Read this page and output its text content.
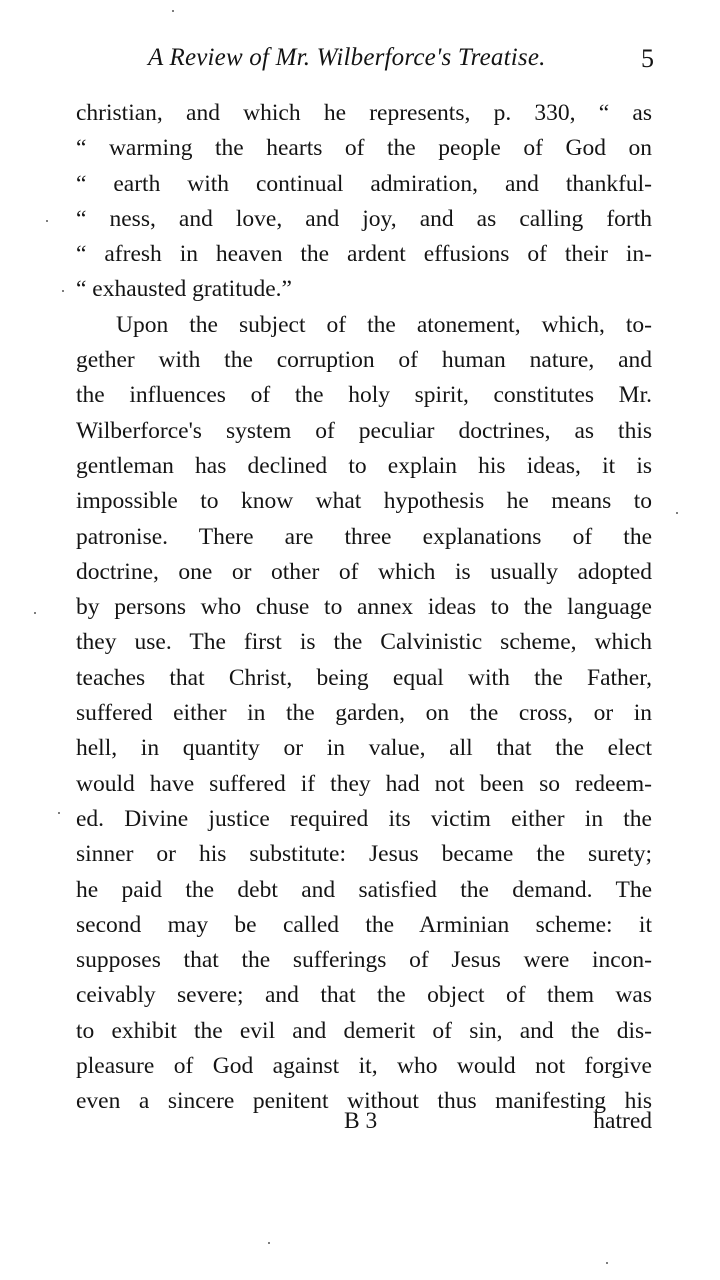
A Review of Mr. Wilberforce's Treatise.	5
christian, and which he represents, p. 330, “ as
“ warming the hearts of the people of God on
“ earth with continual admiration, and thankful-
“ ness, and love, and joy, and as calling forth
“ afresh in heaven the ardent effusions of their in-
“ exhausted gratitude.”
Upon the subject of the atonement, which, to-
gether with the corruption of human nature, and
the influences of the holy spirit, constitutes Mr.
Wilberforce's system of peculiar doctrines, as this
gentleman has declined to explain his ideas, it is
impossible to know what hypothesis he means to
patronise. There are three explanations of the
doctrine, one or other of which is usually adopted
by persons who chuse to annex ideas to the language
they use. The first is the Calvinistic scheme, which
teaches that Christ, being equal with the Father,
suffered either in the garden, on the cross, or in
hell, in quantity or in value, all that the elect
would have suffered if they had not been so redeem-
ed. Divine justice required its victim either in the
sinner or his substitute: Jesus became the surety;
he paid the debt and satisfied the demand. The
second may be called the Arminian scheme: it
supposes that the sufferings of Jesus were incon-
ceivably severe; and that the object of them was
to exhibit the evil and demerit of sin, and the dis-
pleasure of God against it, who would not forgive
even a sincere penitent without thus manifesting his
B 3	hatred
